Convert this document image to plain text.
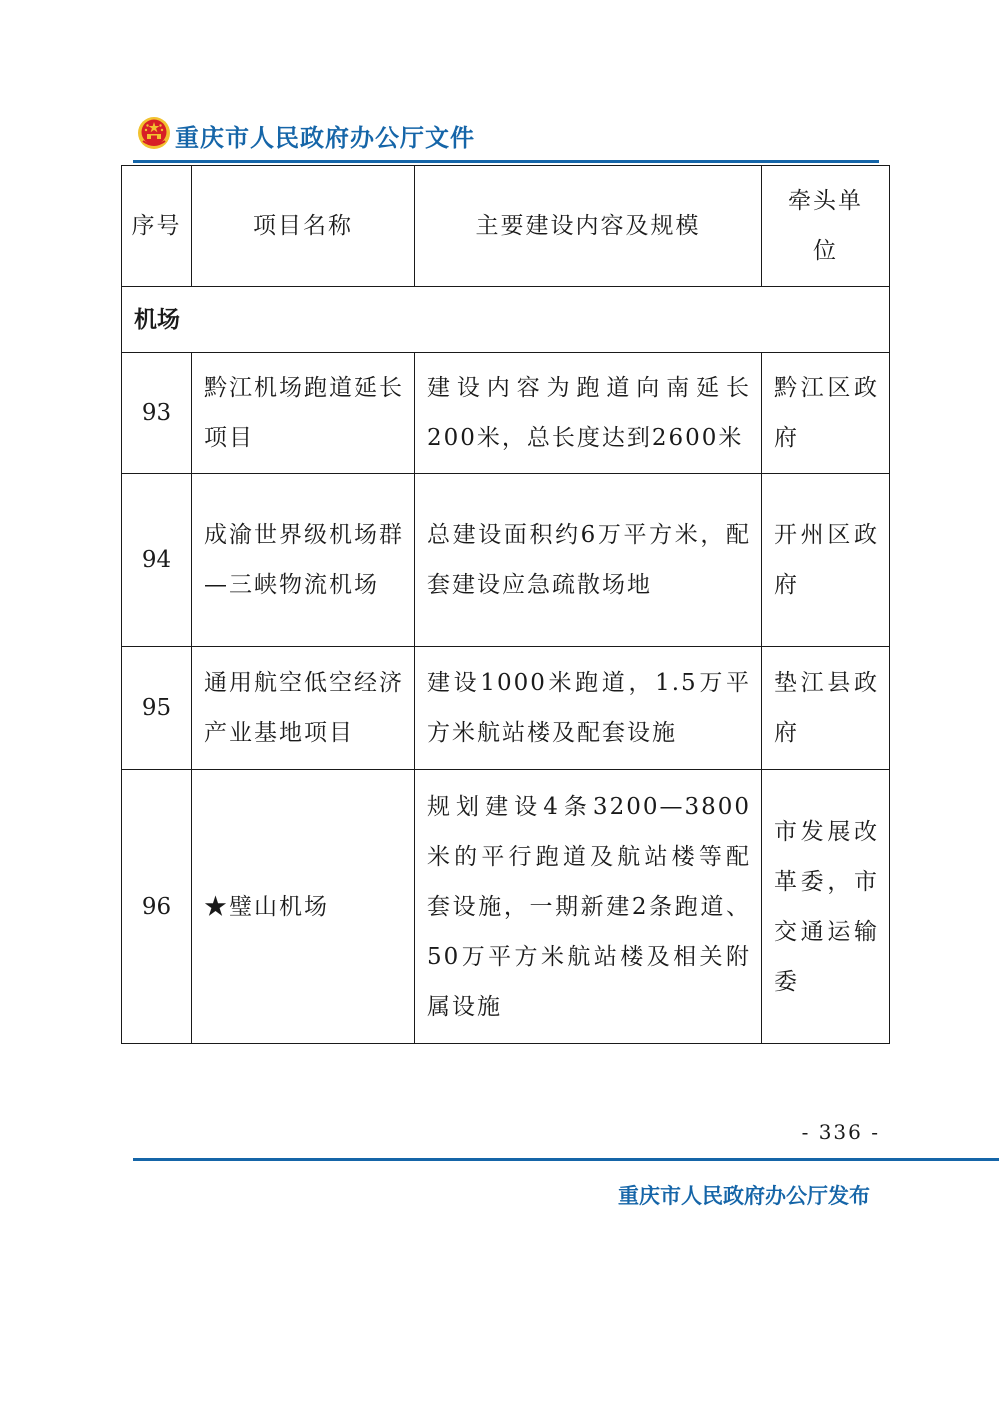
重庆市人民政府办公厅文件
序号	项目名称	主要建设内容及规模	牵头单位
机场			
93	黔江机场跑道延长项目	建设内容为跑道向南延长200米，总长度达到2600米	黔江区政府
94	成渝世界级机场群—三峡物流机场	总建设面积约6万平方米，配套建设应急疏散场地	开州区政府
95	通用航空低空经济产业基地项目	建设1000米跑道，1.5万平方米航站楼及配套设施	垫江县政府
96	★璧山机场	规划建设4条3200—3800米的平行跑道及航站楼等配套设施，一期新建2条跑道、50万平方米航站楼及相关附属设施	市发展改革委，市交通运输委
- 336 -
重庆市人民政府办公厅发布
